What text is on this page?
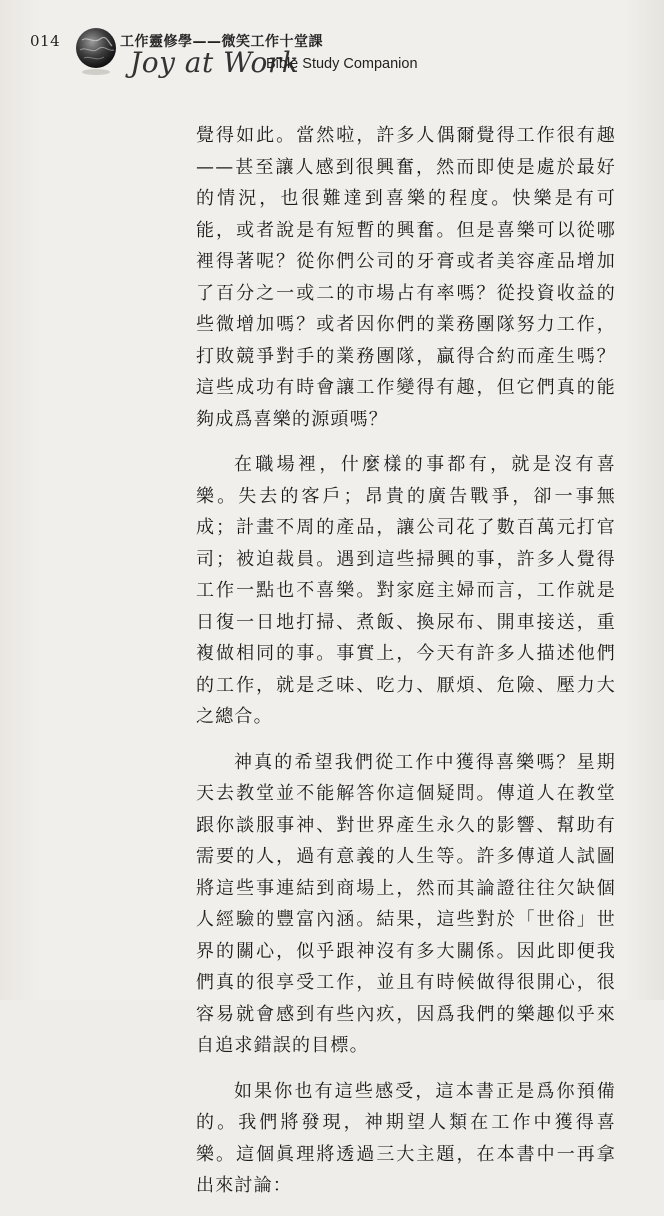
014	工作靈修學——微笑工作十堂課
Joy at Work
Bible Study Companion

覺得如此。當然啦，許多人偶爾覺得工作很有趣——甚至讓人感到很興奮，然而即使是處於最好的情況，也很難達到喜樂的程度。快樂是有可能，或者說是有短暫的興奮。但是喜樂可以從哪裡得著呢？從你們公司的牙膏或者美容產品增加了百分之一或二的市場占有率嗎？從投資收益的些微增加嗎？或者因你們的業務團隊努力工作，打敗競爭對手的業務團隊，贏得合約而產生嗎？這些成功有時會讓工作變得有趣，但它們真的能夠成爲喜樂的源頭嗎？

在職場裡，什麼樣的事都有，就是沒有喜樂。失去的客戶；昂貴的廣告戰爭，卻一事無成；計畫不周的產品，讓公司花了數百萬元打官司；被迫裁員。遇到這些掃興的事，許多人覺得工作一點也不喜樂。對家庭主婦而言，工作就是日復一日地打掃、煮飯、換尿布、開車接送，重複做相同的事。事實上，今天有許多人描述他們的工作，就是乏味、吃力、厭煩、危險、壓力大之總合。

神真的希望我們從工作中獲得喜樂嗎？星期天去教堂並不能解答你這個疑問。傳道人在教堂跟你談服事神、對世界產生永久的影響、幫助有需要的人，過有意義的人生等。許多傳道人試圖將這些事連結到商場上，然而其論證往往欠缺個人經驗的豐富內涵。結果，這些對於「世俗」世界的關心，似乎跟神沒有多大關係。因此即便我們真的很享受工作，並且有時候做得很開心，很容易就會感到有些內疚，因爲我們的樂趣似乎來自追求錯誤的目標。

如果你也有這些感受，這本書正是爲你預備的。我們將發現，神期望人類在工作中獲得喜樂。這個眞理將透過三大主題，在本書中一再拿出來討論：
